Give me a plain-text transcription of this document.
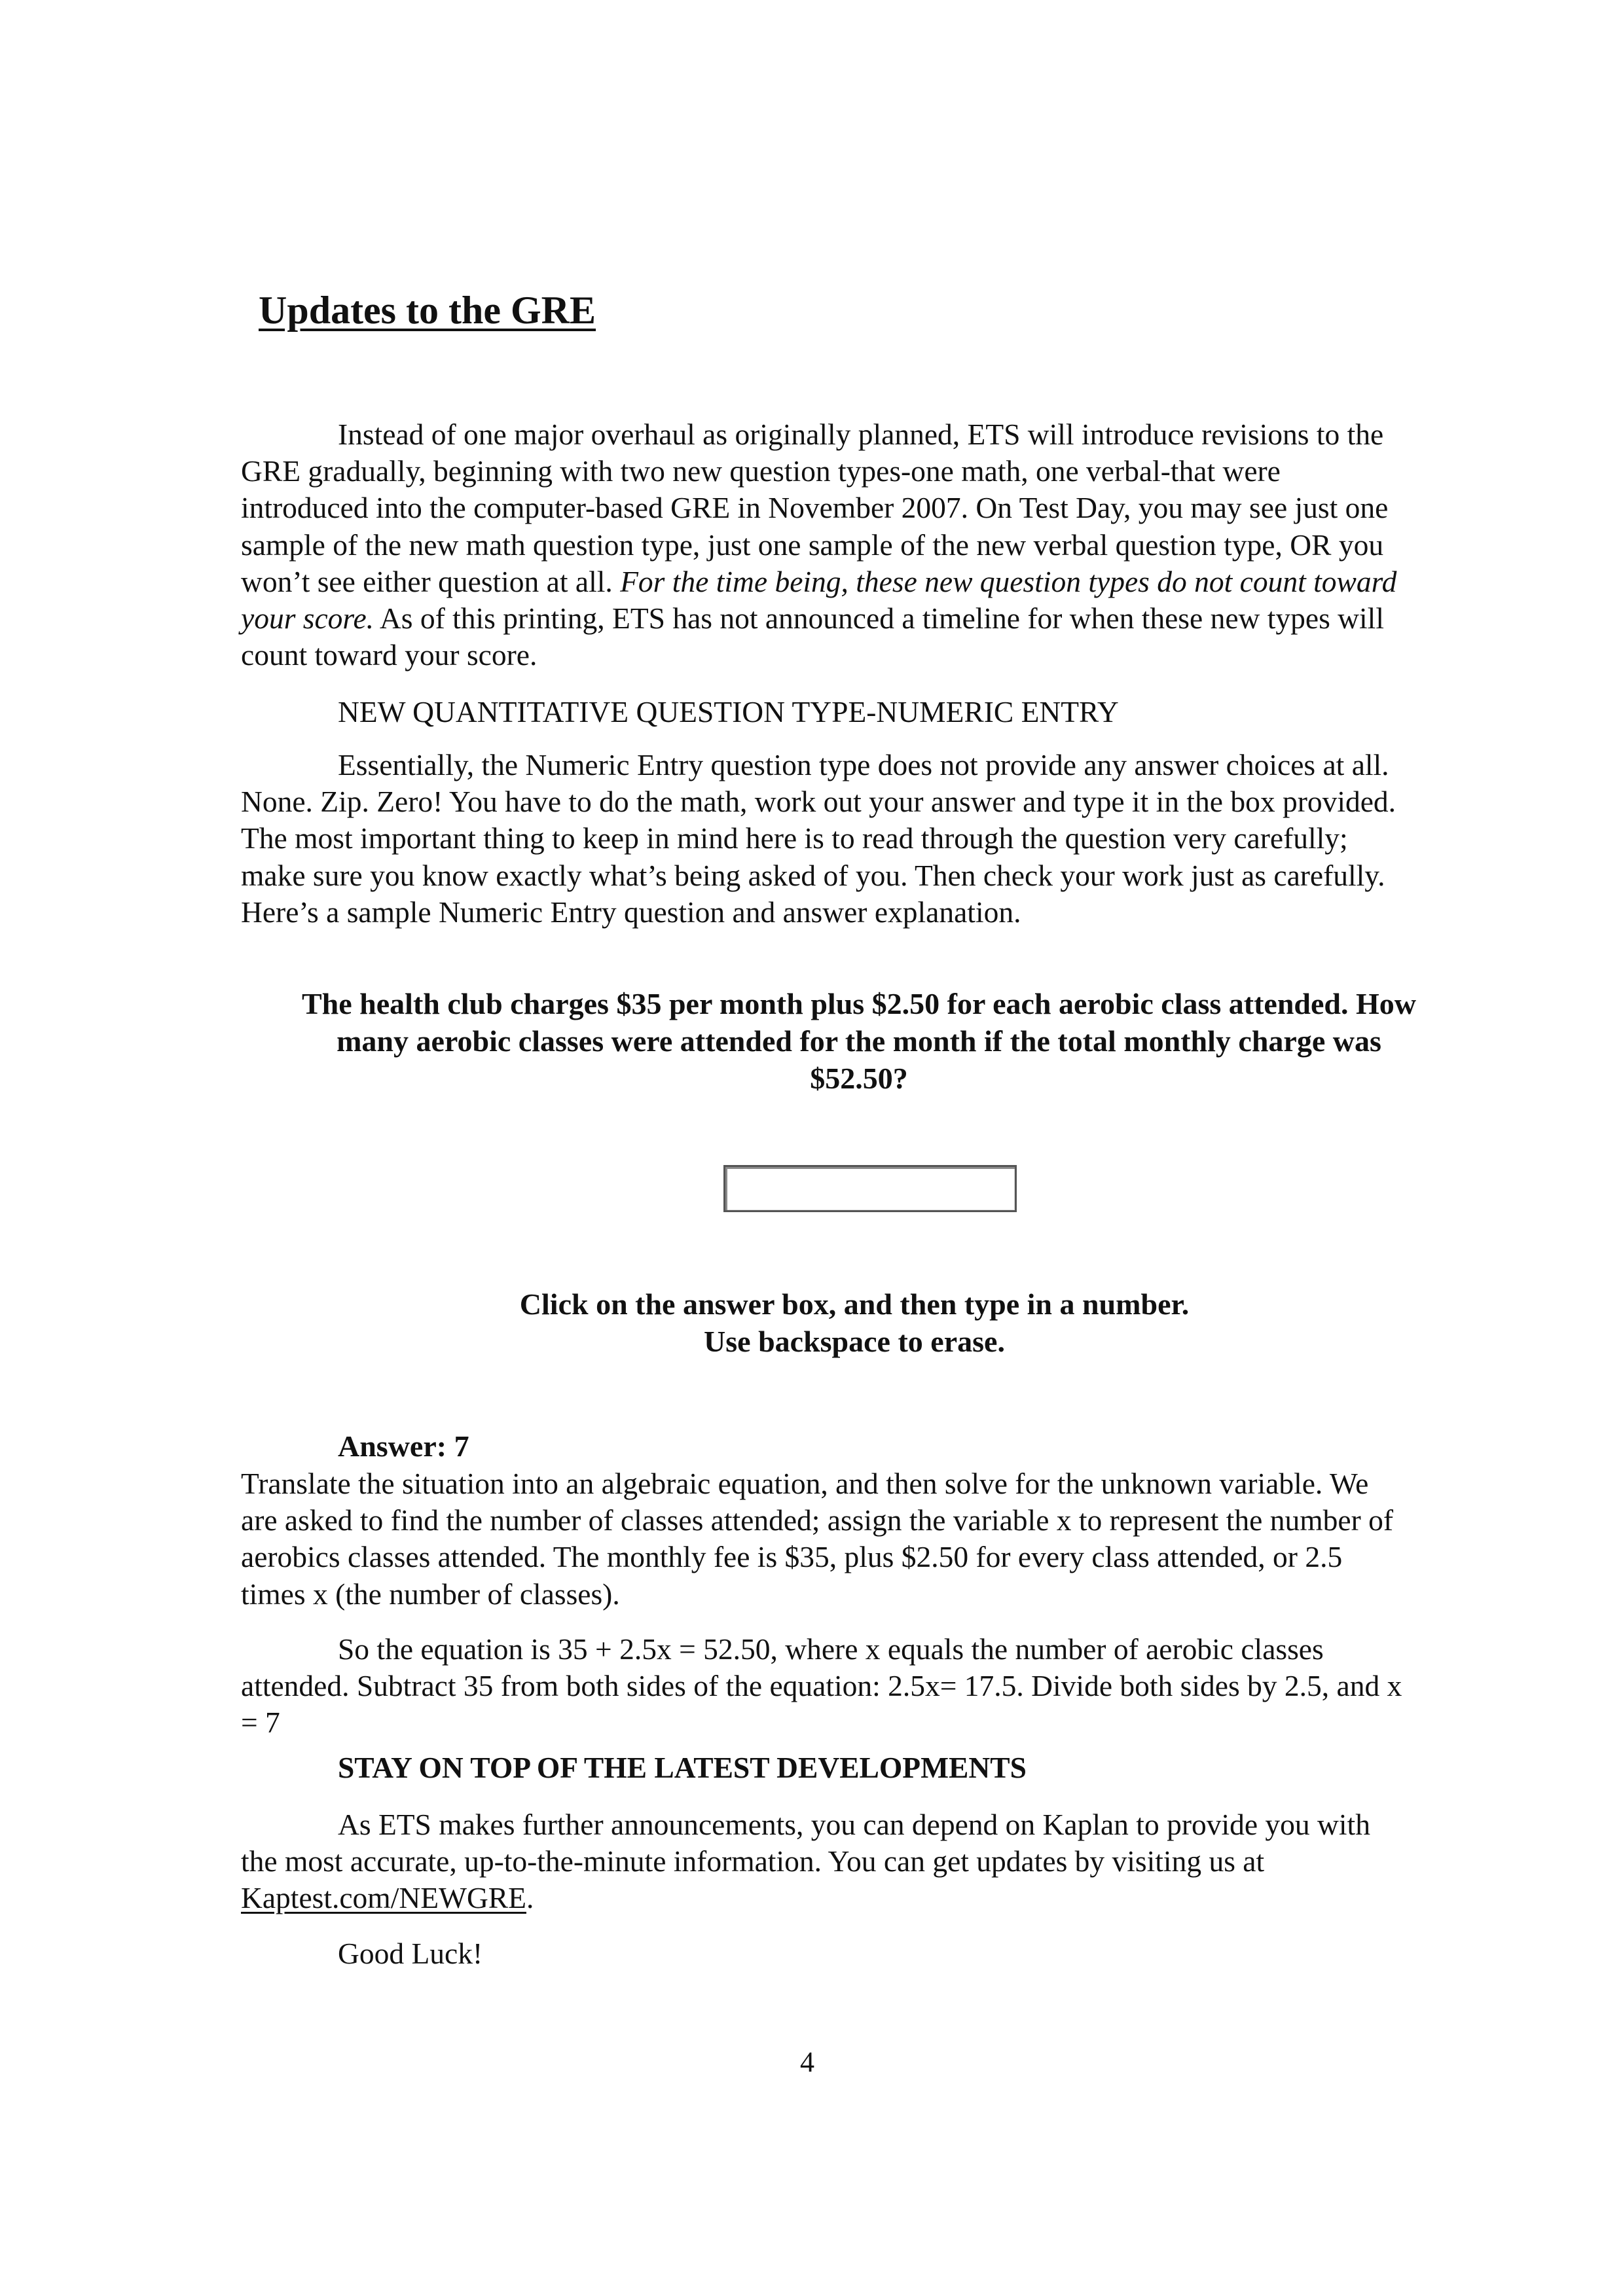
Updates to the GRE

Instead of one major overhaul as originally planned, ETS will introduce revisions to the GRE gradually, beginning with two new question types-one math, one verbal-that were introduced into the computer-based GRE in November 2007. On Test Day, you may see just one sample of the new math question type, just one sample of the new verbal question type, OR you won’t see either question at all. For the time being, these new question types do not count toward your score. As of this printing, ETS has not announced a timeline for when these new types will count toward your score.

NEW QUANTITATIVE QUESTION TYPE-NUMERIC ENTRY

Essentially, the Numeric Entry question type does not provide any answer choices at all. None. Zip. Zero! You have to do the math, work out your answer and type it in the box provided. The most important thing to keep in mind here is to read through the question very carefully; make sure you know exactly what’s being asked of you. Then check your work just as carefully. Here’s a sample Numeric Entry question and answer explanation.

The health club charges $35 per month plus $2.50 for each aerobic class attended. How many aerobic classes were attended for the month if the total monthly charge was $52.50?

Click on the answer box, and then type in a number.
Use backspace to erase.

Answer: 7

Translate the situation into an algebraic equation, and then solve for the unknown variable. We are asked to find the number of classes attended; assign the variable x to represent the number of aerobics classes attended. The monthly fee is $35, plus $2.50 for every class attended, or 2.5 times x (the number of classes).

So the equation is 35 + 2.5x = 52.50, where x equals the number of aerobic classes attended. Subtract 35 from both sides of the equation: 2.5x= 17.5. Divide both sides by 2.5, and x = 7

STAY ON TOP OF THE LATEST DEVELOPMENTS

As ETS makes further announcements, you can depend on Kaplan to provide you with the most accurate, up-to-the-minute information. You can get updates by visiting us at Kaptest.com/NEWGRE.

Good Luck!

4
